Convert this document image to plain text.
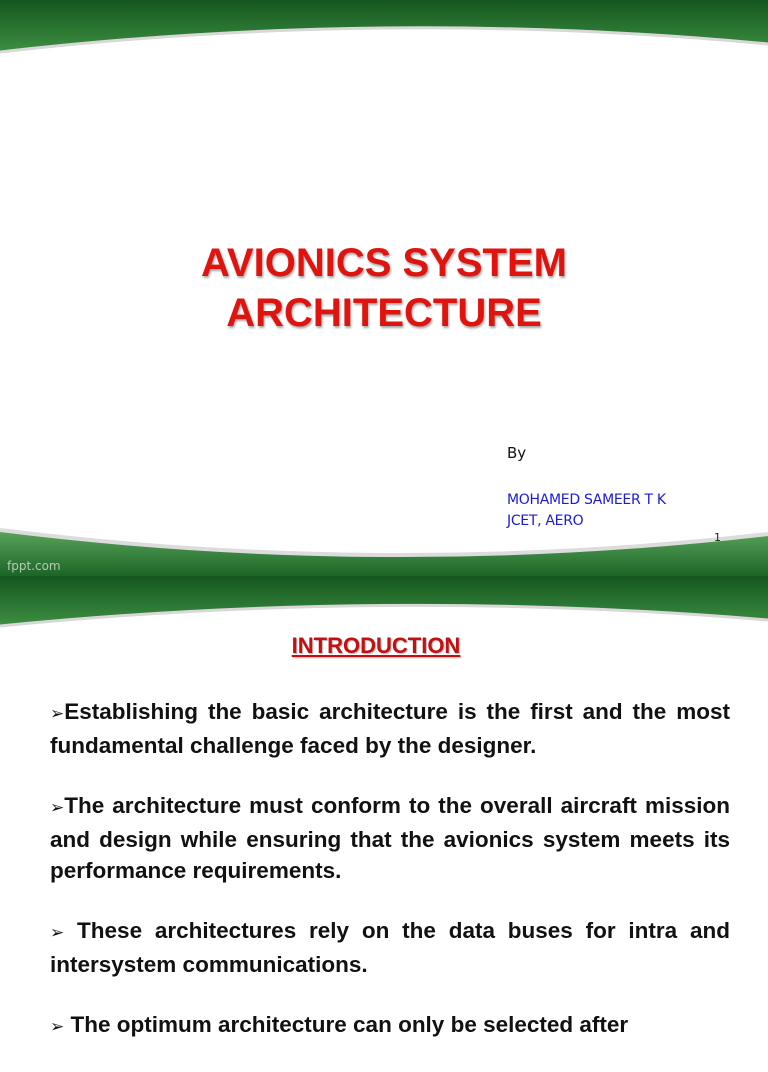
AVIONICS SYSTEM
ARCHITECTURE
By
MOHAMED SAMEER T K
JCET, AERO
1
fppt.com
INTRODUCTION

➢Establishing the basic architecture is the first and the most fundamental challenge faced by the designer.

➢The architecture must conform to the overall aircraft mission and design while ensuring that the avionics system meets its performance requirements.

➢ These architectures rely on the data buses for intra and intersystem communications.

➢ The optimum architecture can only be selected after
